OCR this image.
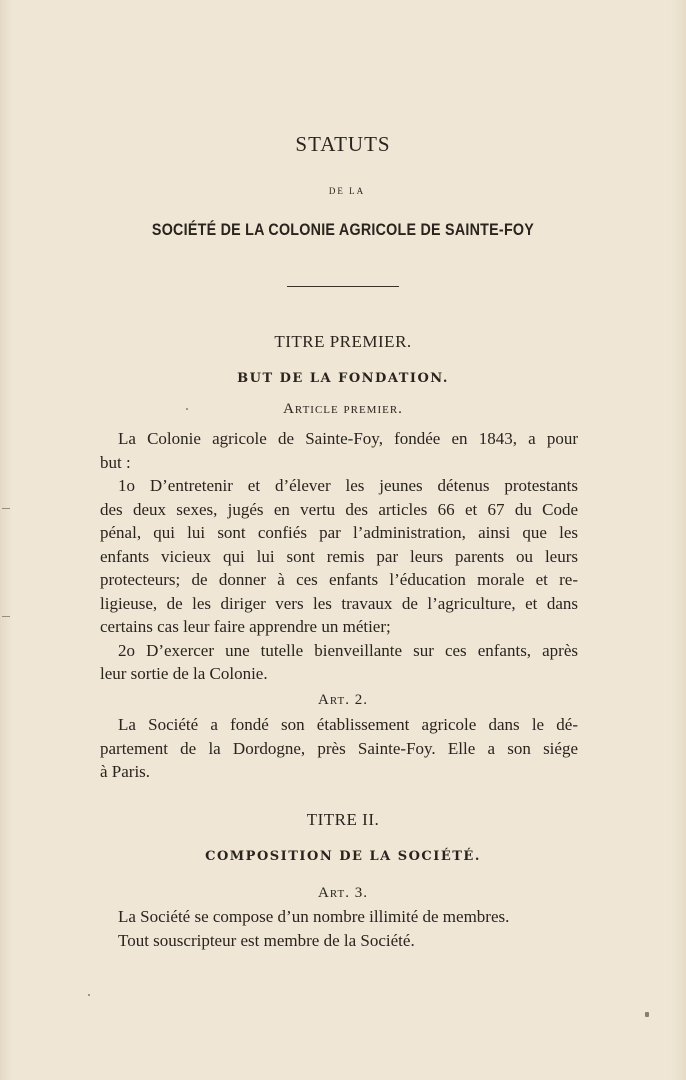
STATUTS
DE LA
SOCIÉTÉ DE LA COLONIE AGRICOLE DE SAINTE-FOY
TITRE PREMIER.
BUT DE LA FONDATION.
Article premier.
La Colonie agricole de Sainte-Foy, fondée en 1843, a pour
but :
1o D’entretenir et d’élever les jeunes détenus protestants
des deux sexes, jugés en vertu des articles 66 et 67 du Code
pénal, qui lui sont confiés par l’administration, ainsi que les
enfants vicieux qui lui sont remis par leurs parents ou leurs
protecteurs; de donner à ces enfants l’éducation morale et re-
ligieuse, de les diriger vers les travaux de l’agriculture, et dans
certains cas leur faire apprendre un métier;
2o D’exercer une tutelle bienveillante sur ces enfants, après
leur sortie de la Colonie.
Art. 2.
La Société a fondé son établissement agricole dans le dé-
partement de la Dordogne, près Sainte-Foy. Elle a son siége
à Paris.
TITRE II.
COMPOSITION DE LA SOCIÉTÉ.
Art. 3.
La Société se compose d’un nombre illimité de membres.
Tout souscripteur est membre de la Société.
